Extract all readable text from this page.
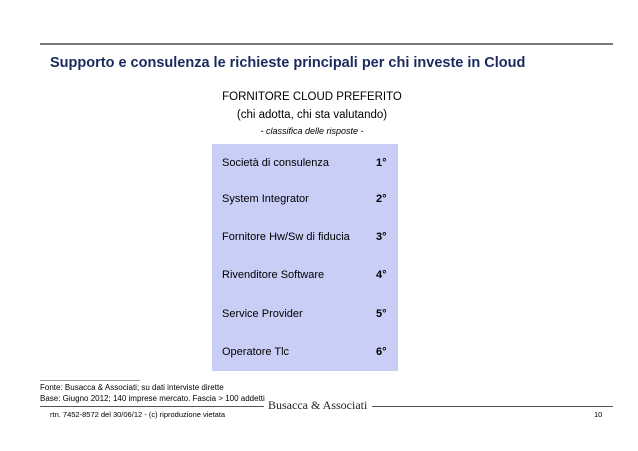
Supporto e consulenza le richieste principali per chi investe in Cloud
FORNITORE CLOUD PREFERITO
(chi adotta, chi sta valutando)
- classifica delle risposte -
Società di consulenza	1°
System Integrator	2°
Fornitore Hw/Sw di fiducia 3°
Rivenditore Software	4°
Service Provider	5°
Operatore Tlc	6°
Fonte: Busacca & Associati; su dati interviste dirette
Base: Giugno 2012; 140 imprese mercato. Fascia > 100 addetti Busacca & Associati
rtn. 7452-8572 del 30/06/12 - (c) riproduzione vietata	10
